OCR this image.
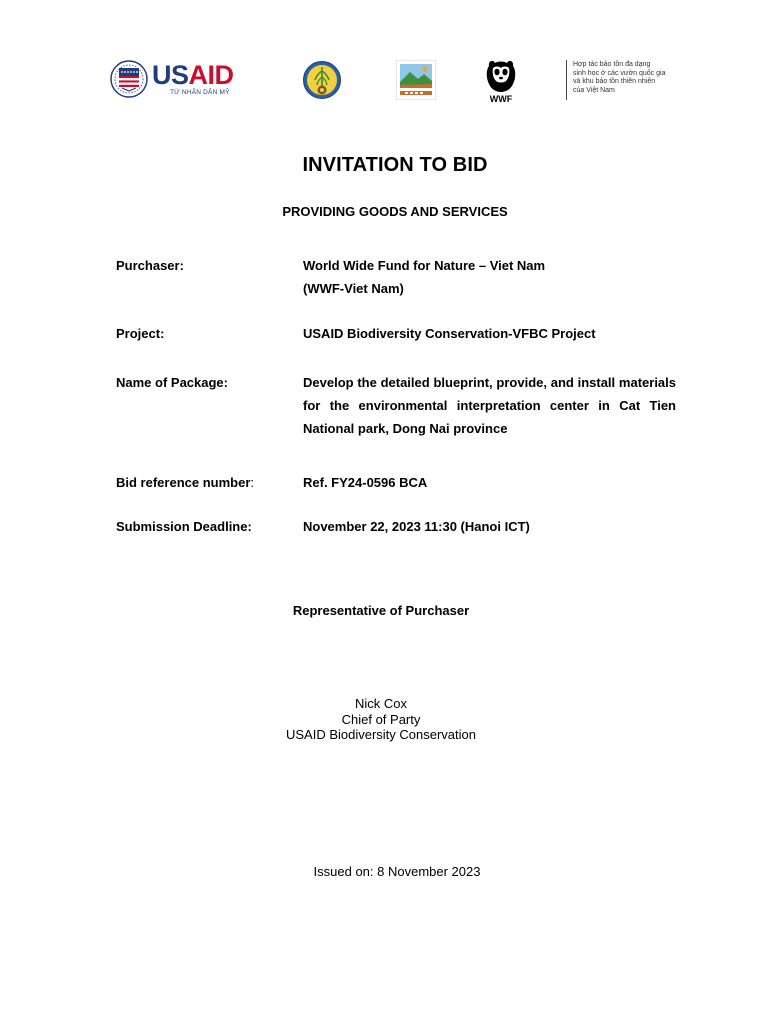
USAID
TỪ NHÂN DÂN MỸ
WWF
Hợp tác bảo tồn đa dạng
sinh học ở các vườn quốc gia
và khu bảo tồn thiên nhiên
của Việt Nam
INVITATION TO BID
PROVIDING GOODS AND SERVICES
Purchaser:	World Wide Fund for Nature – Viet Nam
(WWF-Viet Nam)
Project:	USAID Biodiversity Conservation-VFBC Project
Name of Package:	Develop the detailed blueprint, provide, and install materials for the environmental interpretation center in Cat Tien National park, Dong Nai province
Bid reference number:	Ref. FY24-0596 BCA
Submission Deadline:	November 22, 2023 11:30 (Hanoi ICT)
Representative of Purchaser
Nick Cox
Chief of Party
USAID Biodiversity Conservation
Issued on: 8 November 2023
